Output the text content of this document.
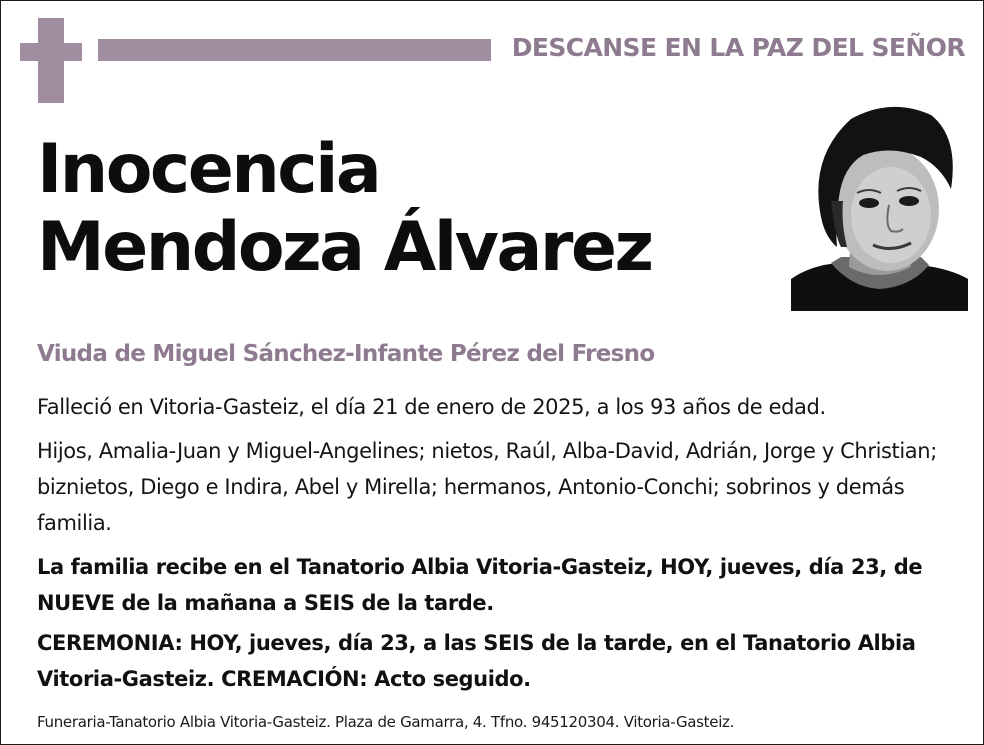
DESCANSE EN LA PAZ DEL SEÑOR
Inocencia
Mendoza Álvarez
Viuda de Miguel Sánchez-Infante Pérez del Fresno
Falleció en Vitoria-Gasteiz, el día 21 de enero de 2025, a los 93 años de edad.
Hijos, Amalia-Juan y Miguel-Angelines; nietos, Raúl, Alba-David, Adrián, Jorge y Christian; biznietos, Diego e Indira, Abel y Mirella; hermanos, Antonio-Conchi; sobrinos y demás familia.
La familia recibe en el Tanatorio Albia Vitoria-Gasteiz, HOY, jueves, día 23, de NUEVE de la mañana a SEIS de la tarde.
CEREMONIA: HOY, jueves, día 23, a las SEIS de la tarde, en el Tanatorio Albia Vitoria-Gasteiz. CREMACIÓN: Acto seguido.
Funeraria-Tanatorio Albia Vitoria-Gasteiz. Plaza de Gamarra, 4. Tfno. 945120304. Vitoria-Gasteiz.
